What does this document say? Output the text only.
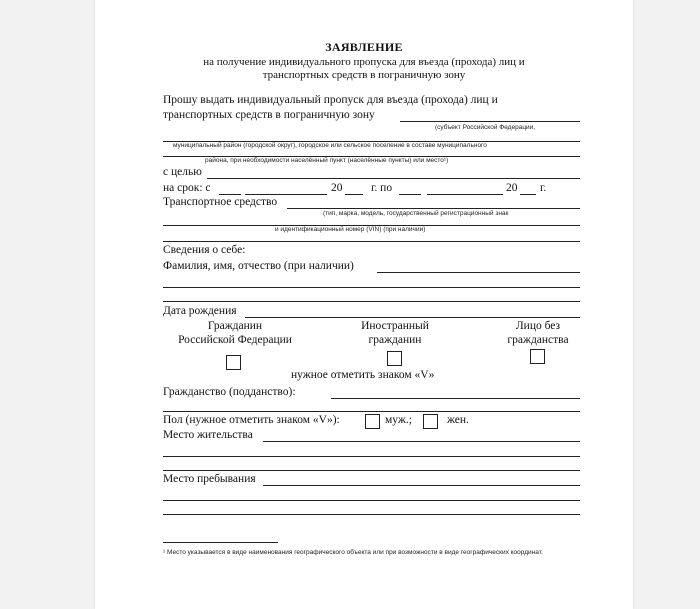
ЗАЯВЛЕНИЕ
на получение индивидуального пропуска для въезда (прохода) лиц и
транспортных средств в пограничную зону
Прошу выдать индивидуальный пропуск для въезда (прохода) лиц и
транспортных средств в пограничную зону
(субъект Российской Федерации,
муниципальный район (городской округ), городское или сельское поселение в составе муниципального
района, при необходимости населённый пункт (населённые пункты) или место¹)
с целью
на срок: с	20 г. по	20 г.
Транспортное средство
(тип, марка, модель, государственный регистрационный знак
и идентификационный номер (VIN) (при наличии)
Сведения о себе:
Фамилия, имя, отчество (при наличии)
Дата рождения
Гражданин
Российской Федерации
Иностранный
гражданин
Лицо без
гражданства
нужное отметить знаком «V»
Гражданство (подданство):
Пол (нужное отметить знаком «V»):	муж.;	жен.
Место жительства
Место пребывания
¹ Место указывается в виде наименования географического объекта или при возможности в виде географических координат.
